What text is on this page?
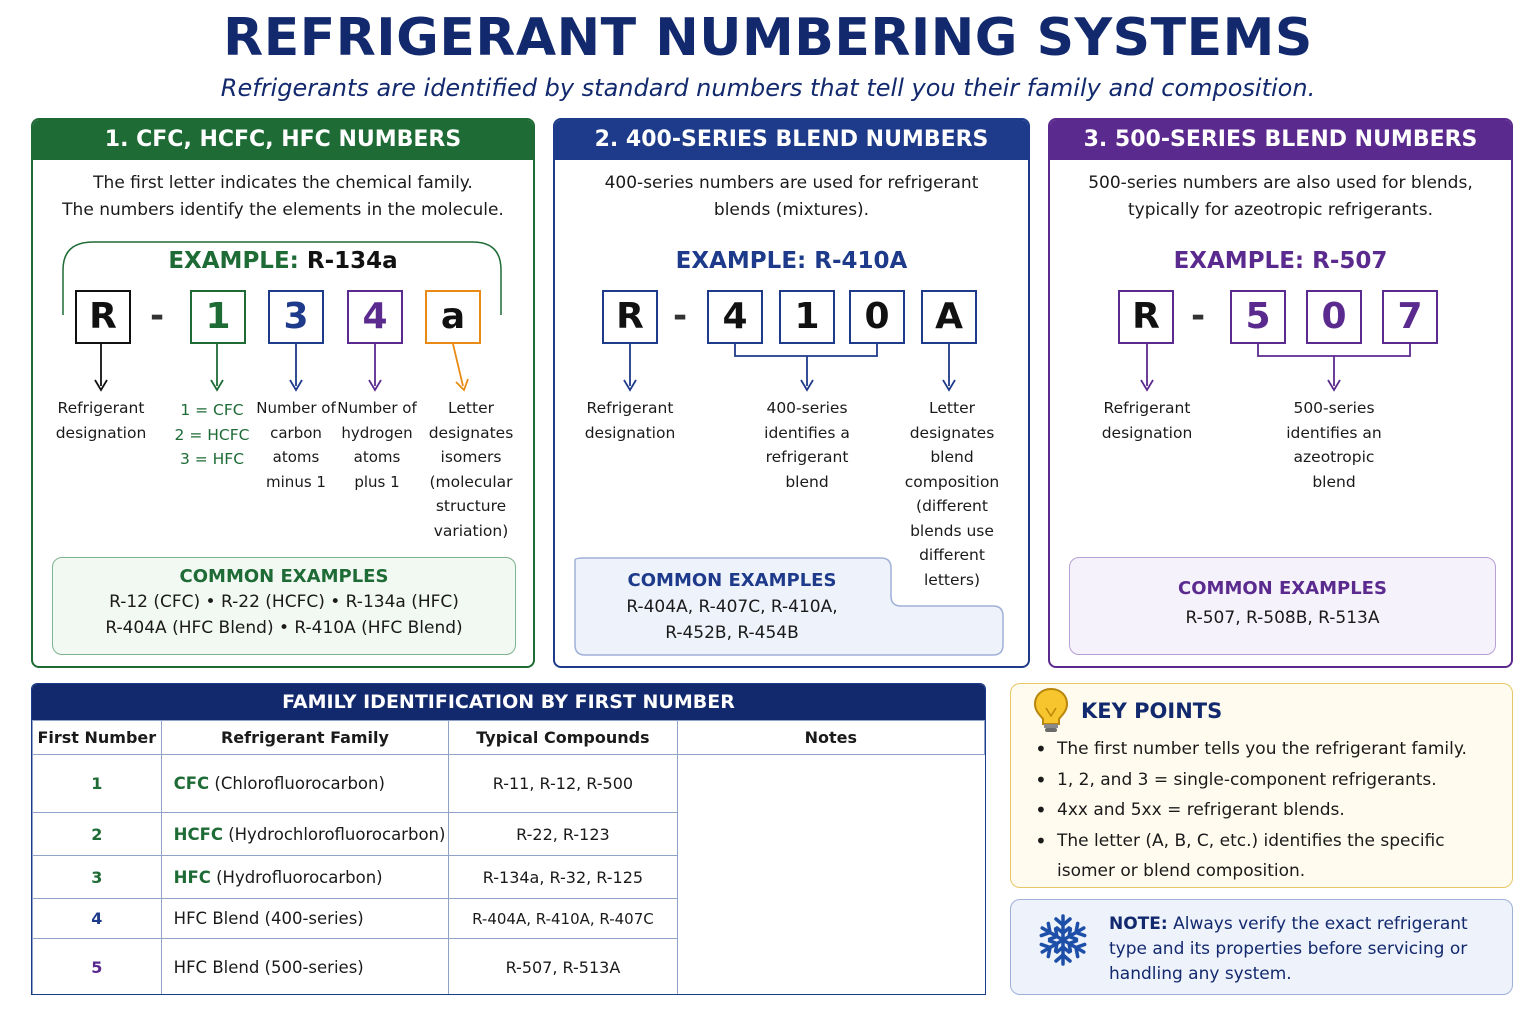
REFRIGERANT NUMBERING SYSTEMS
Refrigerants are identified by standard numbers that tell you their family and composition.
1. CFC, HCFC, HFC NUMBERS
The first letter indicates the chemical family.
The numbers identify the elements in the molecule.
EXAMPLE: R-134a
R -	1	3	4	a
Refrigerant
designation
1 = CFC
2 = HCFC
3 = HFC
Number of
carbon
atoms
minus 1
Number of
hydrogen
atoms
plus 1
Letter
designates
isomers
(molecular
structure
variation)
COMMON EXAMPLES
R-12 (CFC) • R-22 (HCFC) • R-134a (HFC)
R-404A (HFC Blend) • R-410A (HFC Blend)
2. 400-SERIES BLEND NUMBERS
400-series numbers are used for refrigerant
blends (mixtures).
EXAMPLE: R-410A
R - 4	1	0	A
Refrigerant
designation
400-series
identifies a
refrigerant
blend
Letter
designates
blend
composition
(different
blends use
different
letters)
COMMON EXAMPLES
R-404A, R-407C, R-410A,
R-452B, R-454B
3. 500-SERIES BLEND NUMBERS
500-series numbers are also used for blends,
typically for azeotropic refrigerants.
EXAMPLE: R-507
R -	5	0	7
Refrigerant
designation
500-series
identifies an
azeotropic
blend
COMMON EXAMPLES
R-507, R-508B, R-513A
FAMILY IDENTIFICATION BY FIRST NUMBER
First Number	Refrigerant Family	Typical Compounds	Notes
1	CFC (Chlorofluorocarbon)	R-11, R-12, R-500	

2	HCFC (Hydrochlorofluorocarbon)	R-22, R-123	

3	HFC (Hydrofluorocarbon)	R-134a, R-32, R-125	

4	HFC Blend (400-series)	R-404A, R-410A, R-407C	

5	HFC Blend (500-series)	R-507, R-513A	
KEY POINTS
• The first number tells you the refrigerant family.
• 1, 2, and 3 = single-component refrigerants.
• 4xx and 5xx = refrigerant blends.
• The letter (A, B, C, etc.) identifies the specific isomer or blend composition.
NOTE: Always verify the exact refrigerant type and its properties before servicing or handling any system.
